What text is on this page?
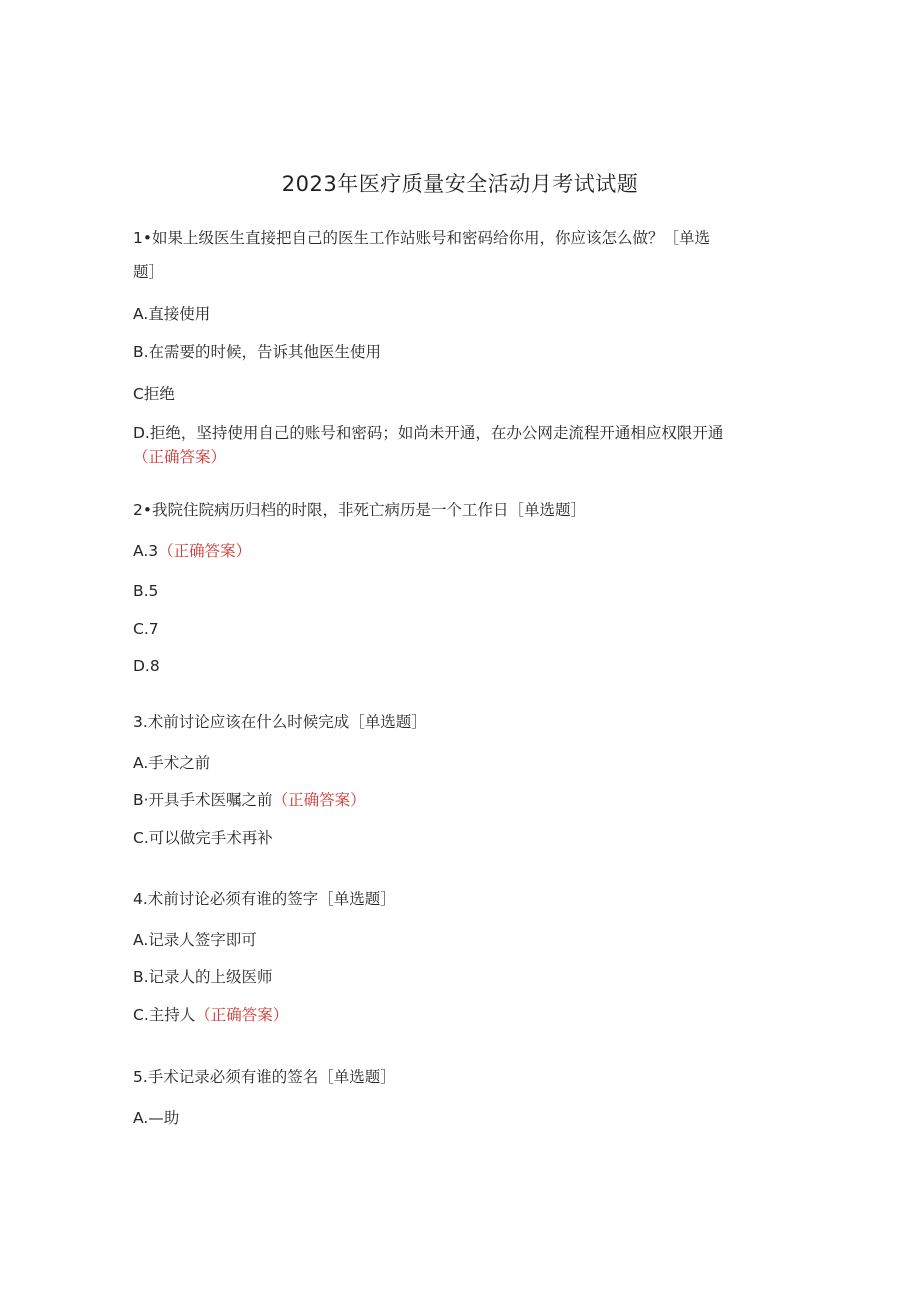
2023年医疗质量安全活动月考试试题
1•如果上级医生直接把自己的医生工作站账号和密码给你用，你应该怎么做？［单选
题］
A.直接使用
B.在需要的时候，告诉其他医生使用
C拒绝
D.拒绝，坚持使用自己的账号和密码；如尚未开通，在办公网走流程开通相应权限开通
（正确答案）
2•我院住院病历归档的时限，非死亡病历是一个工作日［单选题］
A.3（正确答案）
B.5
C.7
D.8
3.术前讨论应该在什么时候完成［单选题］
A.手术之前
B·开具手术医嘱之前（正确答案）
C.可以做完手术再补
4.术前讨论必须有谁的签字［单选题］
A.记录人签字即可
B.记录人的上级医师
C.主持人（正确答案）
5.手术记录必须有谁的签名［单选题］
A.—助
